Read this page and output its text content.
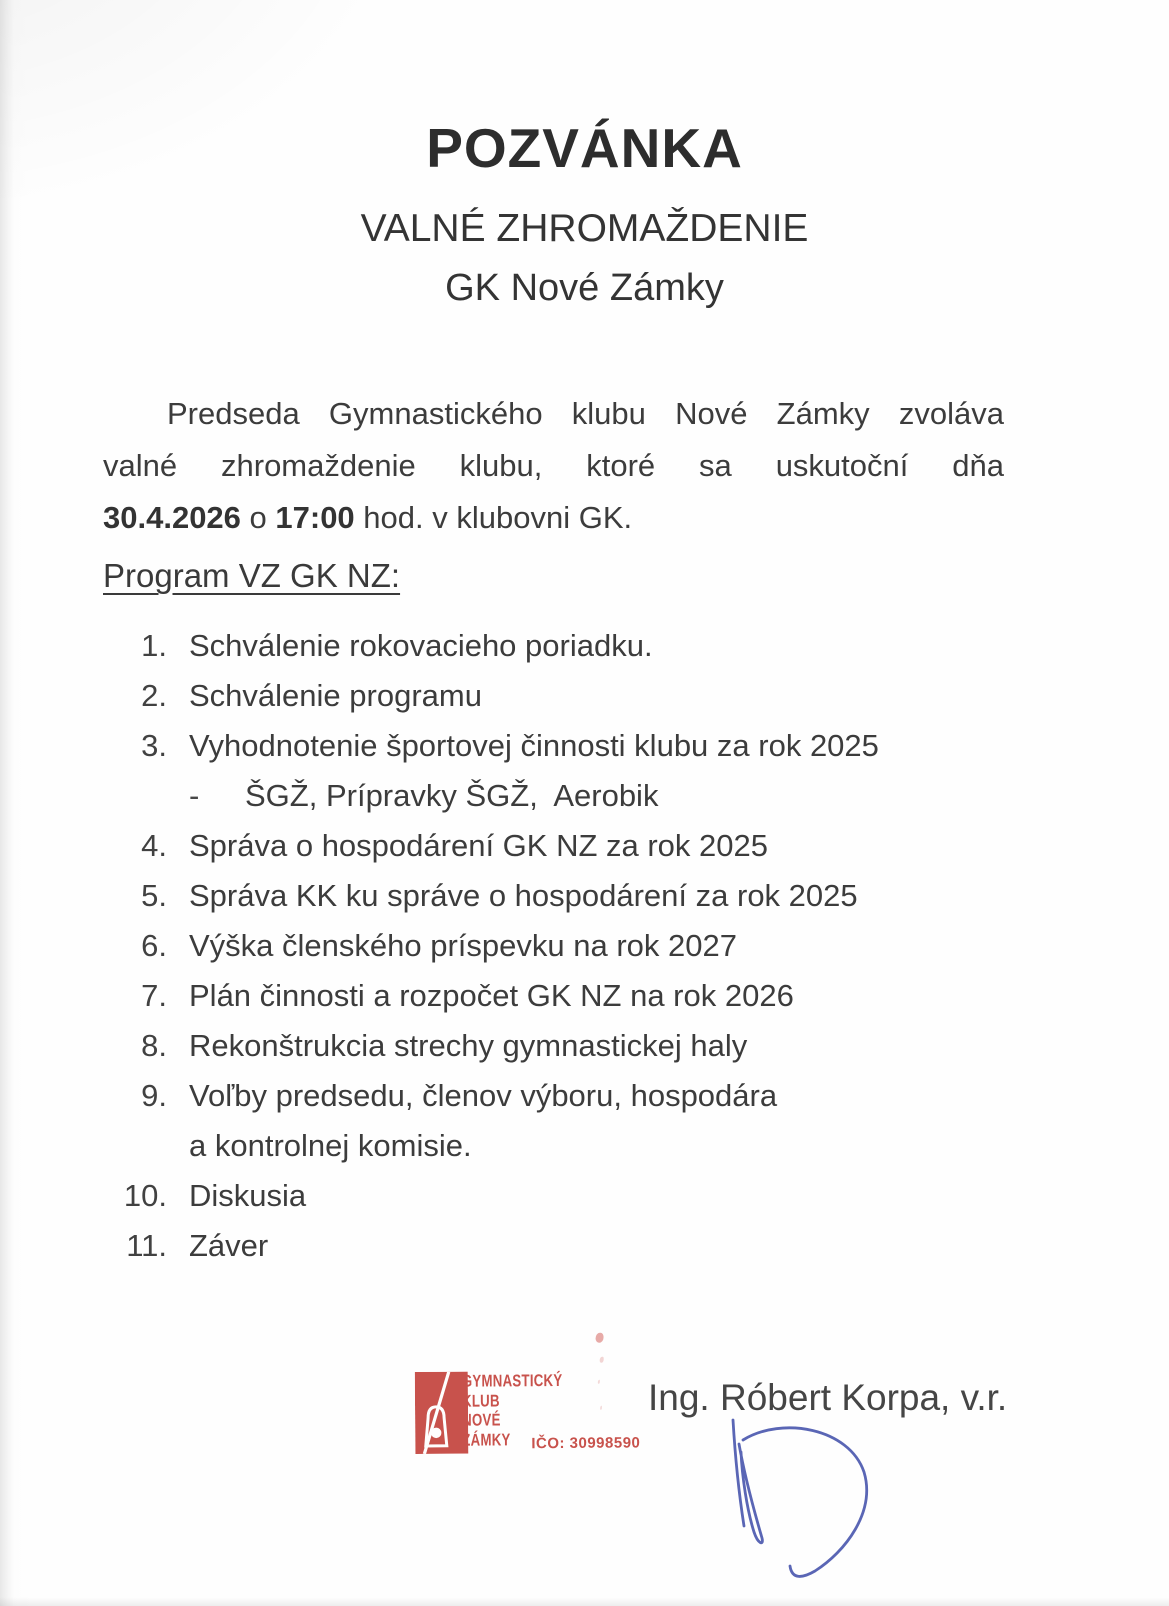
POZVÁNKA
VALNÉ ZHROMAŽDENIE
GK Nové Zámky
Predseda Gymnastického klubu Nové Zámky zvoláva
valné zhromaždenie klubu, ktoré sa uskutoční dňa
30.4.2026 o 17:00 hod. v klubovni GK.
Program VZ GK NZ:
1. Schválenie rokovacieho poriadku.
2. Schválenie programu
3. Vyhodnotenie športovej činnosti klubu za rok 2025
-	ŠGŽ, Prípravky ŠGŽ,  Aerobik
4. Správa o hospodárení GK NZ za rok 2025
5. Správa KK ku správe o hospodárení za rok 2025
6. Výška členského príspevku na rok 2027
7. Plán činnosti a rozpočet GK NZ na rok 2026
8. Rekonštrukcia strechy gymnastickej haly
9. Voľby predsedu, členov výboru, hospodára
a kontrolnej komisie.
10. Diskusia
11. Záver
GYMNASTICKÝ
KLUB
NOVÉ
ZÁMKY	IČO: 30998590
Ing. Róbert Korpa, v.r.
